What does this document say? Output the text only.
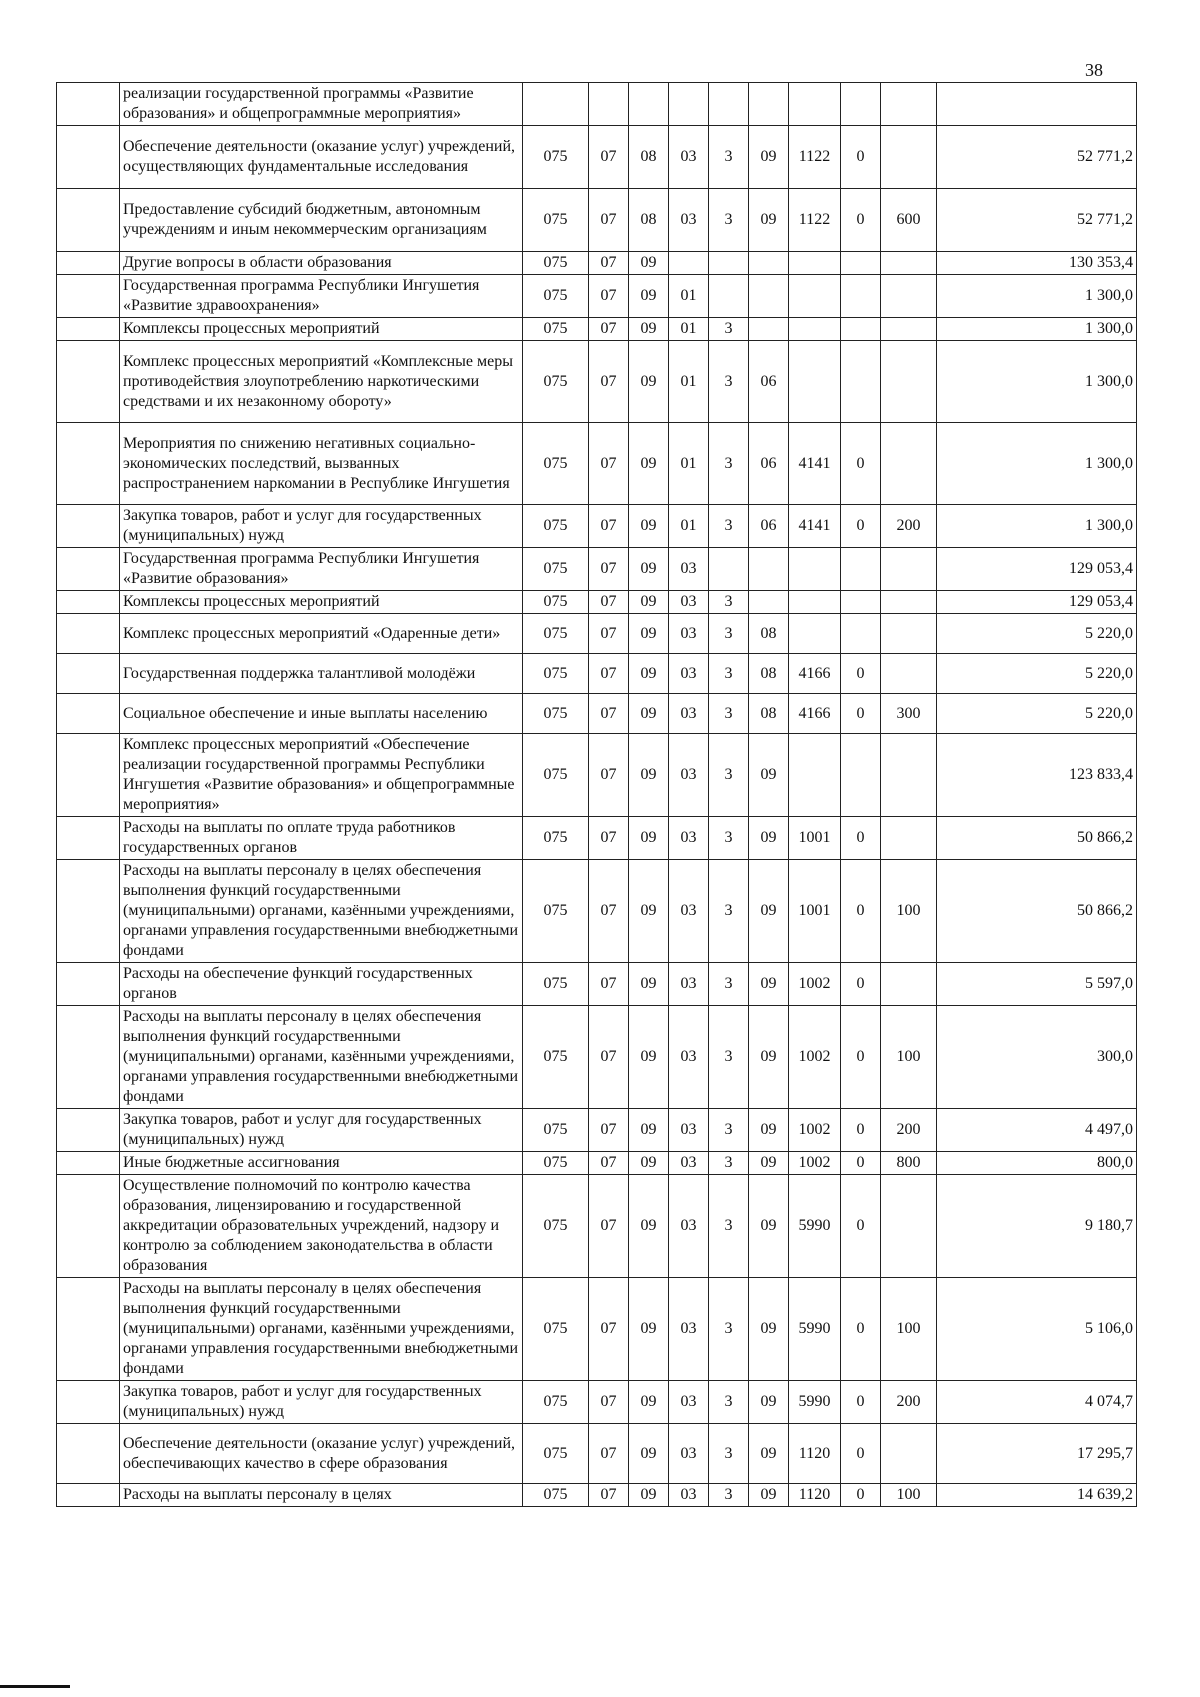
38
	реализации государственной программы «Развитие образования» и общепрограммные мероприятия»										
	Обеспечение деятельности (оказание услуг) учреждений, осуществляющих фундаментальные исследования	075	07	08	03	3	09	1122	0		52 771,2
	Предоставление субсидий бюджетным, автономным учреждениям и иным некоммерческим организациям	075	07	08	03	3	09	1122	0	600	52 771,2
	Другие вопросы в области образования	075	07	09							130 353,4
	Государственная программа Республики Ингушетия «Развитие здравоохранения»	075	07	09	01						1 300,0
	Комплексы процессных мероприятий	075	07	09	01	3					1 300,0
	Комплекс процессных мероприятий «Комплексные меры противодействия злоупотреблению наркотическими средствами и их незаконному обороту»	075	07	09	01	3	06				1 300,0
	Мероприятия по снижению негативных социально-экономических последствий, вызванных распространением наркомании в Республике Ингушетия	075	07	09	01	3	06	4141	0		1 300,0
	Закупка товаров, работ и услуг для государственных (муниципальных) нужд	075	07	09	01	3	06	4141	0	200	1 300,0
	Государственная программа Республики Ингушетия «Развитие образования»	075	07	09	03						129 053,4
	Комплексы процессных мероприятий	075	07	09	03	3					129 053,4
	Комплекс процессных мероприятий «Одаренные дети»	075	07	09	03	3	08				5 220,0
	Государственная поддержка талантливой молодёжи	075	07	09	03	3	08	4166	0		5 220,0
	Социальное обеспечение и иные выплаты населению	075	07	09	03	3	08	4166	0	300	5 220,0
	Комплекс процессных мероприятий «Обеспечение реализации государственной программы Республики Ингушетия «Развитие образования» и общепрограммные мероприятия»	075	07	09	03	3	09				123 833,4
	Расходы на выплаты по оплате труда работников государственных органов	075	07	09	03	3	09	1001	0		50 866,2
	Расходы на выплаты персоналу в целях обеспечения выполнения функций государственными (муниципальными) органами, казёнными учреждениями, органами управления государственными внебюджетными фондами	075	07	09	03	3	09	1001	0	100	50 866,2
	Расходы на обеспечение функций государственных органов	075	07	09	03	3	09	1002	0		5 597,0
	Расходы на выплаты персоналу в целях обеспечения выполнения функций государственными (муниципальными) органами, казёнными учреждениями, органами управления государственными внебюджетными фондами	075	07	09	03	3	09	1002	0	100	300,0
	Закупка товаров, работ и услуг для государственных (муниципальных) нужд	075	07	09	03	3	09	1002	0	200	4 497,0
	Иные бюджетные ассигнования	075	07	09	03	3	09	1002	0	800	800,0
	Осуществление полномочий по контролю качества образования, лицензированию и государственной аккредитации образовательных учреждений, надзору и контролю за соблюдением законодательства в области образования	075	07	09	03	3	09	5990	0		9 180,7
	Расходы на выплаты персоналу в целях обеспечения выполнения функций государственными (муниципальными) органами, казёнными учреждениями, органами управления государственными внебюджетными фондами	075	07	09	03	3	09	5990	0	100	5 106,0
	Закупка товаров, работ и услуг для государственных (муниципальных) нужд	075	07	09	03	3	09	5990	0	200	4 074,7
	Обеспечение деятельности (оказание услуг) учреждений, обеспечивающих качество в сфере образования	075	07	09	03	3	09	1120	0		17 295,7
	Расходы на выплаты персоналу в целях	075	07	09	03	3	09	1120	0	100	14 639,2
